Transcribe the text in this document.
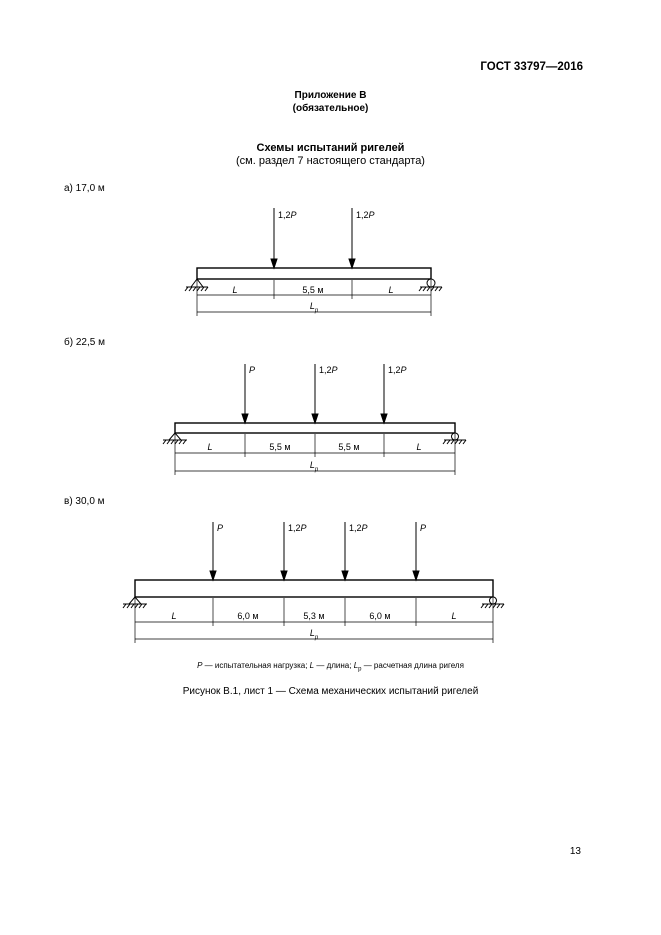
ГОСТ 33797—2016
Приложение В
(обязательное)
Схемы испытаний ригелей
(см. раздел 7 настоящего стандарта)
а) 17,0 м
1,2P	1,2P
L	5,5 м	L
$L_p$
б) 22,5 м
P	1,2P	1,2P
L	5,5 м	5,5 м	L
$L_p$
в) 30,0 м
P	1,2P	1,2P	P
L	6,0 м	5,3 м	6,0 м	L
$L_p$
P — испытательная нагрузка; L — длина; $L_р$ — расчетная длина ригеля
Рисунок В.1, лист 1 — Схема механических испытаний ригелей
13
